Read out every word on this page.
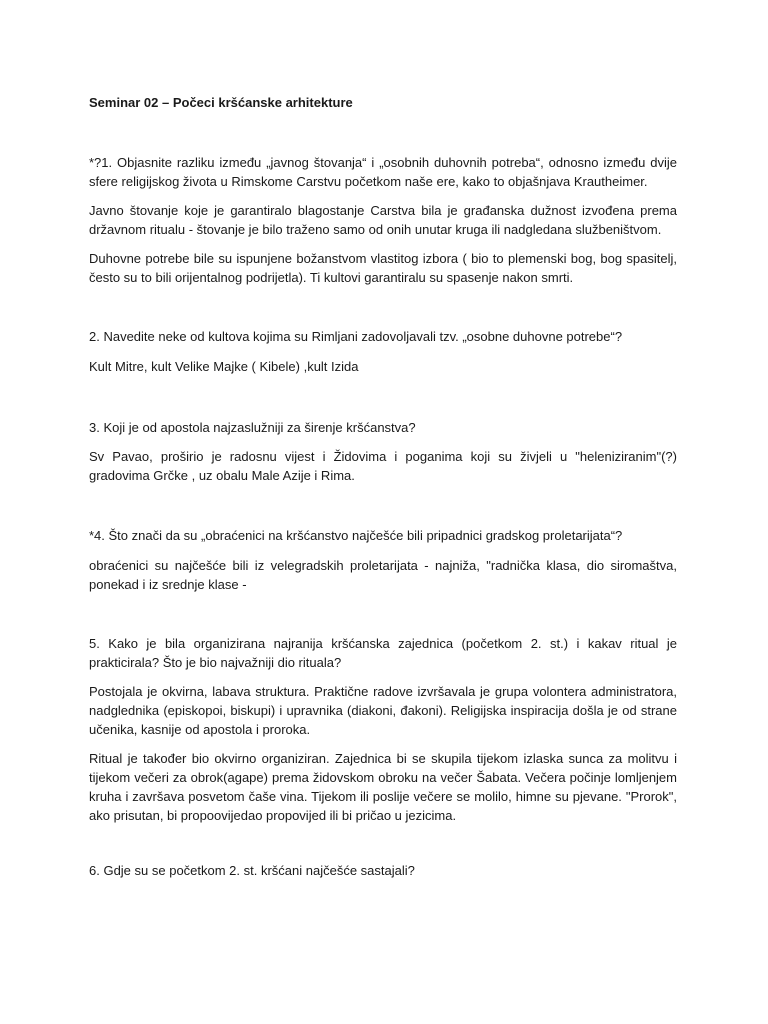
Seminar 02 – Počeci kršćanske arhitekture

*?1. Objasnite razliku između „javnog štovanja“ i „osobnih duhovnih potreba“, odnosno između dvije sfere religijskog života u Rimskome Carstvu početkom naše ere, kako to objašnjava Krautheimer.

Javno štovanje koje je garantiralo blagostanje Carstva bila je građanska dužnost izvođena prema državnom ritualu - štovanje je bilo traženo samo od onih unutar kruga ili nadgledana službeništvom.

Duhovne potrebe bile su ispunjene božanstvom vlastitog izbora ( bio to plemenski bog, bog spasitelj, često su to bili orijentalnog podrijetla). Ti kultovi garantiralu su spasenje nakon smrti.

2. Navedite neke od kultova kojima su Rimljani zadovoljavali tzv. „osobne duhovne potrebe“?

Kult Mitre, kult Velike Majke ( Kibele) ,kult Izida

3. Koji je od apostola najzaslužniji za širenje kršćanstva?

Sv Pavao, proširio je radosnu vijest i Židovima i poganima koji su živjeli u "heleniziranim"(?) gradovima Grčke , uz obalu Male Azije i Rima.

*4. Što znači da su „obraćenici na kršćanstvo najčešće bili pripadnici gradskog proletarijata“?

obraćenici su najčešće bili iz velegradskih proletarijata - najniža, "radnička klasa, dio siromaštva, ponekad i iz srednje klase -

5. Kako je bila organizirana najranija kršćanska zajednica (početkom 2. st.) i kakav ritual je prakticirala? Što je bio najvažniji dio rituala?

Postojala je okvirna, labava struktura. Praktične radove izvršavala je grupa volontera administratora, nadglednika (episkopoi, biskupi) i upravnika (diakoni, đakoni). Religijska inspiracija došla je od strane učenika, kasnije od apostola i proroka.

Ritual je također bio okvirno organiziran. Zajednica bi se skupila tijekom izlaska sunca za molitvu i tijekom večeri za obrok(agape) prema židovskom obroku na večer Šabata. Večera počinje lomljenjem kruha i završava posvetom čaše vina. Tijekom ili poslije večere se molilo, himne su pjevane. "Prorok", ako prisutan, bi propoovijedao propovijed ili bi pričao u jezicima.

6. Gdje su se početkom 2. st. kršćani najčešće sastajali?
